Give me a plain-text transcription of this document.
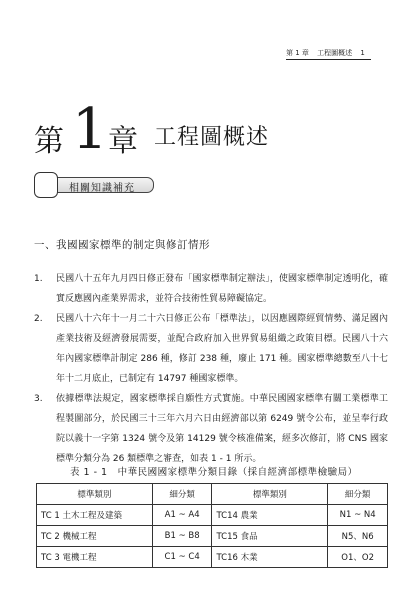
第 1 章 工程圖概述 1
第 1 章 工程圖概述
相關知識補充
一、我國國家標準的制定與修訂情形
1. 民國八十五年九月四日修正發布「國家標準制定辦法」，使國家標準制定透明化，確實反應國內產業界需求，並符合技術性貿易障礙協定。
2. 民國八十六年十一月二十六日修正公布「標準法」，以因應國際經貿情勢、滿足國內產業技術及經濟發展需要，並配合政府加入世界貿易組織之政策目標。民國八十六年內國家標準計制定 286 種，修訂 238 種，廢止 171 種。國家標準總數至八十七年十二月底止，已制定有 14797 種國家標準。
3. 依據標準法規定，國家標準採自願性方式實施。中華民國國家標準有關工業標準工程製圖部分，於民國三十三年六月六日由經濟部以第 6249 號令公布，並呈奉行政院以義十一字第 1324 號令及第 14129 號令核准備案，經多次修訂，將 CNS 國家標準分類分為 26 類標準之審查，如表 1 - 1 所示。
表 1 - 1　中華民國國家標準分類目錄（採自經濟部標準檢驗局）
標準類別	細分類	標準類別	細分類
TC 1 土木工程及建築	A1 ~ A4	TC14 農業	N1 ~ N4
TC 2 機械工程	B1 ~ B8	TC15 食品	N5、N6
TC 3 電機工程	C1 ~ C4	TC16 木業	O1、O2
